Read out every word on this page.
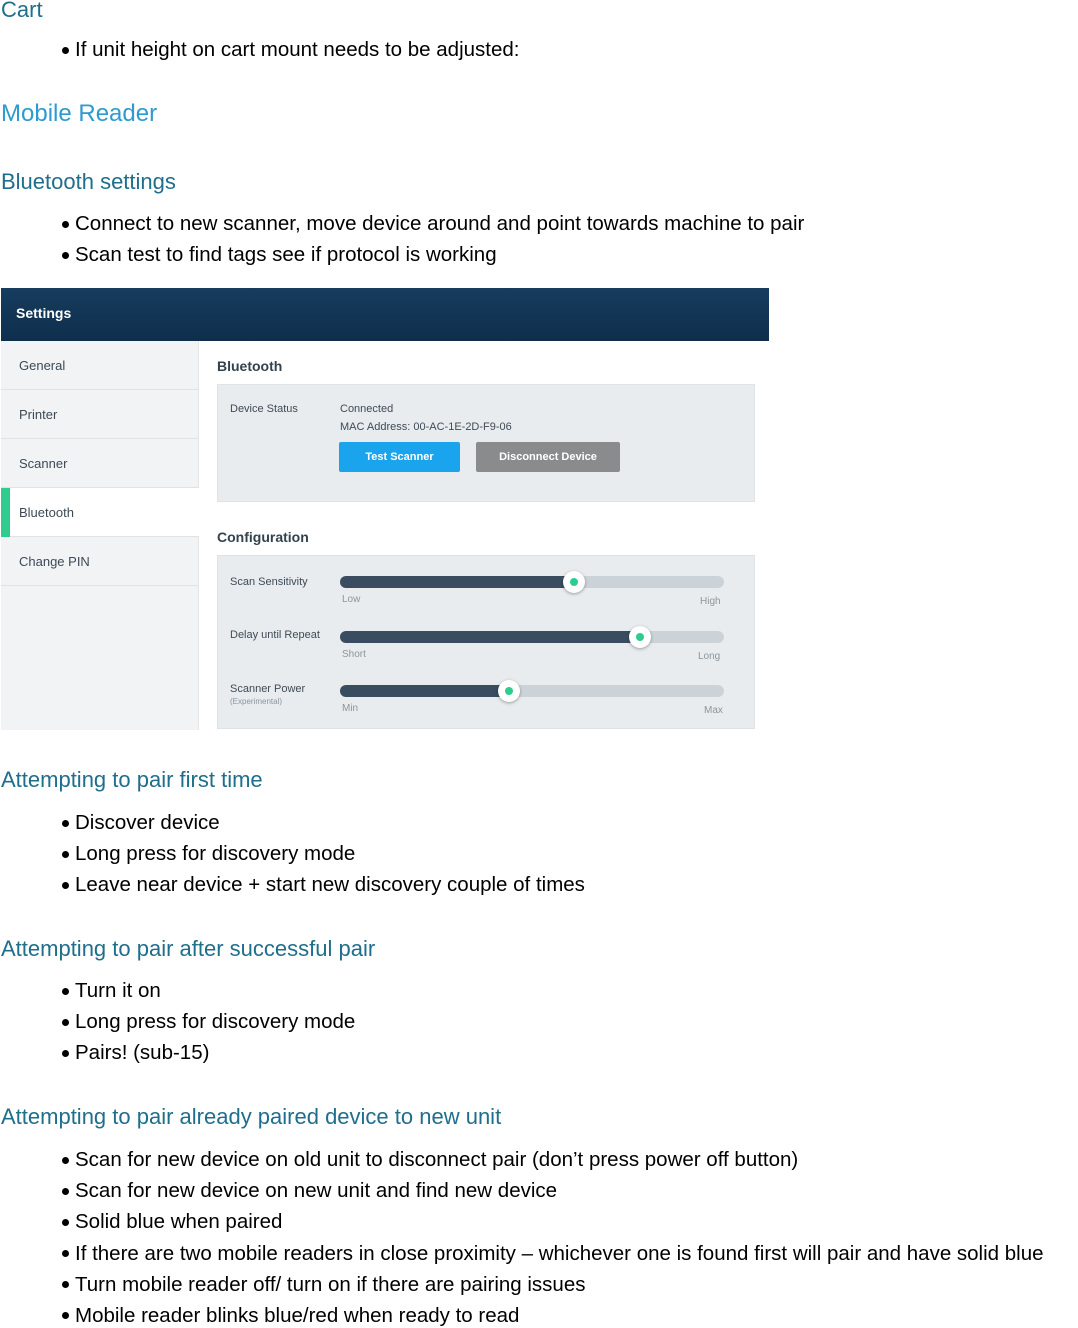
Cart
If unit height on cart mount needs to be adjusted:
Mobile Reader
Bluetooth settings
Connect to new scanner, move device around and point towards machine to pair
Scan test to find tags see if protocol is working
Settings
General
Printer
Scanner
Bluetooth
Change PIN
Bluetooth
Device Status	Connected
MAC Address: 00-AC-1E-2D-F9-06
Test Scanner	Disconnect Device
Configuration
Scan Sensitivity
Low	High
Delay until Repeat
Short	Long
Scanner Power
(Experimental)
Min	Max
Attempting to pair first time
Discover device
Long press for discovery mode
Leave near device + start new discovery couple of times
Attempting to pair after successful pair
Turn it on
Long press for discovery mode
Pairs! (sub-15)
Attempting to pair already paired device to new unit
Scan for new device on old unit to disconnect pair (don’t press power off button)
Scan for new device on new unit and find new device
Solid blue when paired
If there are two mobile readers in close proximity – whichever one is found first will pair and have solid blue
Turn mobile reader off/ turn on if there are pairing issues
Mobile reader blinks blue/red when ready to read
